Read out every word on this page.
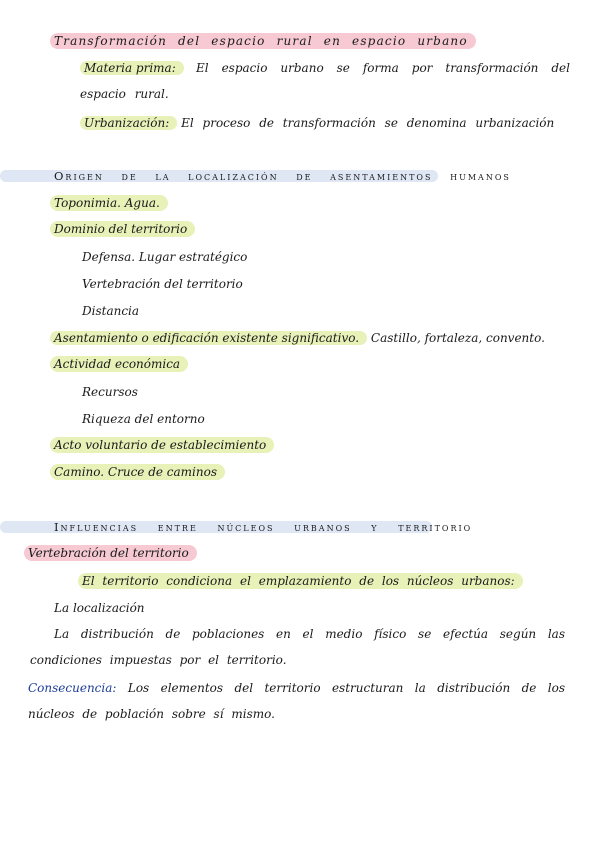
Transformación del espacio rural en espacio urbano
Materia prima:	El espacio urbano se forma por transformación del espacio rural.
Urbanización: El proceso de transformación se denomina urbanización
Origen de la localización de asentamientos humanos
Toponimia. Agua.
Dominio del territorio
Defensa. Lugar estratégico
Vertebración del territorio
Distancia
Asentamiento o edificación existente significativo. Castillo, fortaleza, convento.
Actividad económica
Recursos
Riqueza del entorno
Acto voluntario de establecimiento
Camino. Cruce de caminos
Influencias entre núcleos urbanos y territorio
Vertebración del territorio
El territorio condiciona el emplazamiento de los núcleos urbanos:
La localización
La distribución de poblaciones en el medio físico se efectúa según las condiciones impuestas por el territorio.
Consecuencia: Los elementos del territorio estructuran la distribución de los núcleos de población sobre sí mismo.
